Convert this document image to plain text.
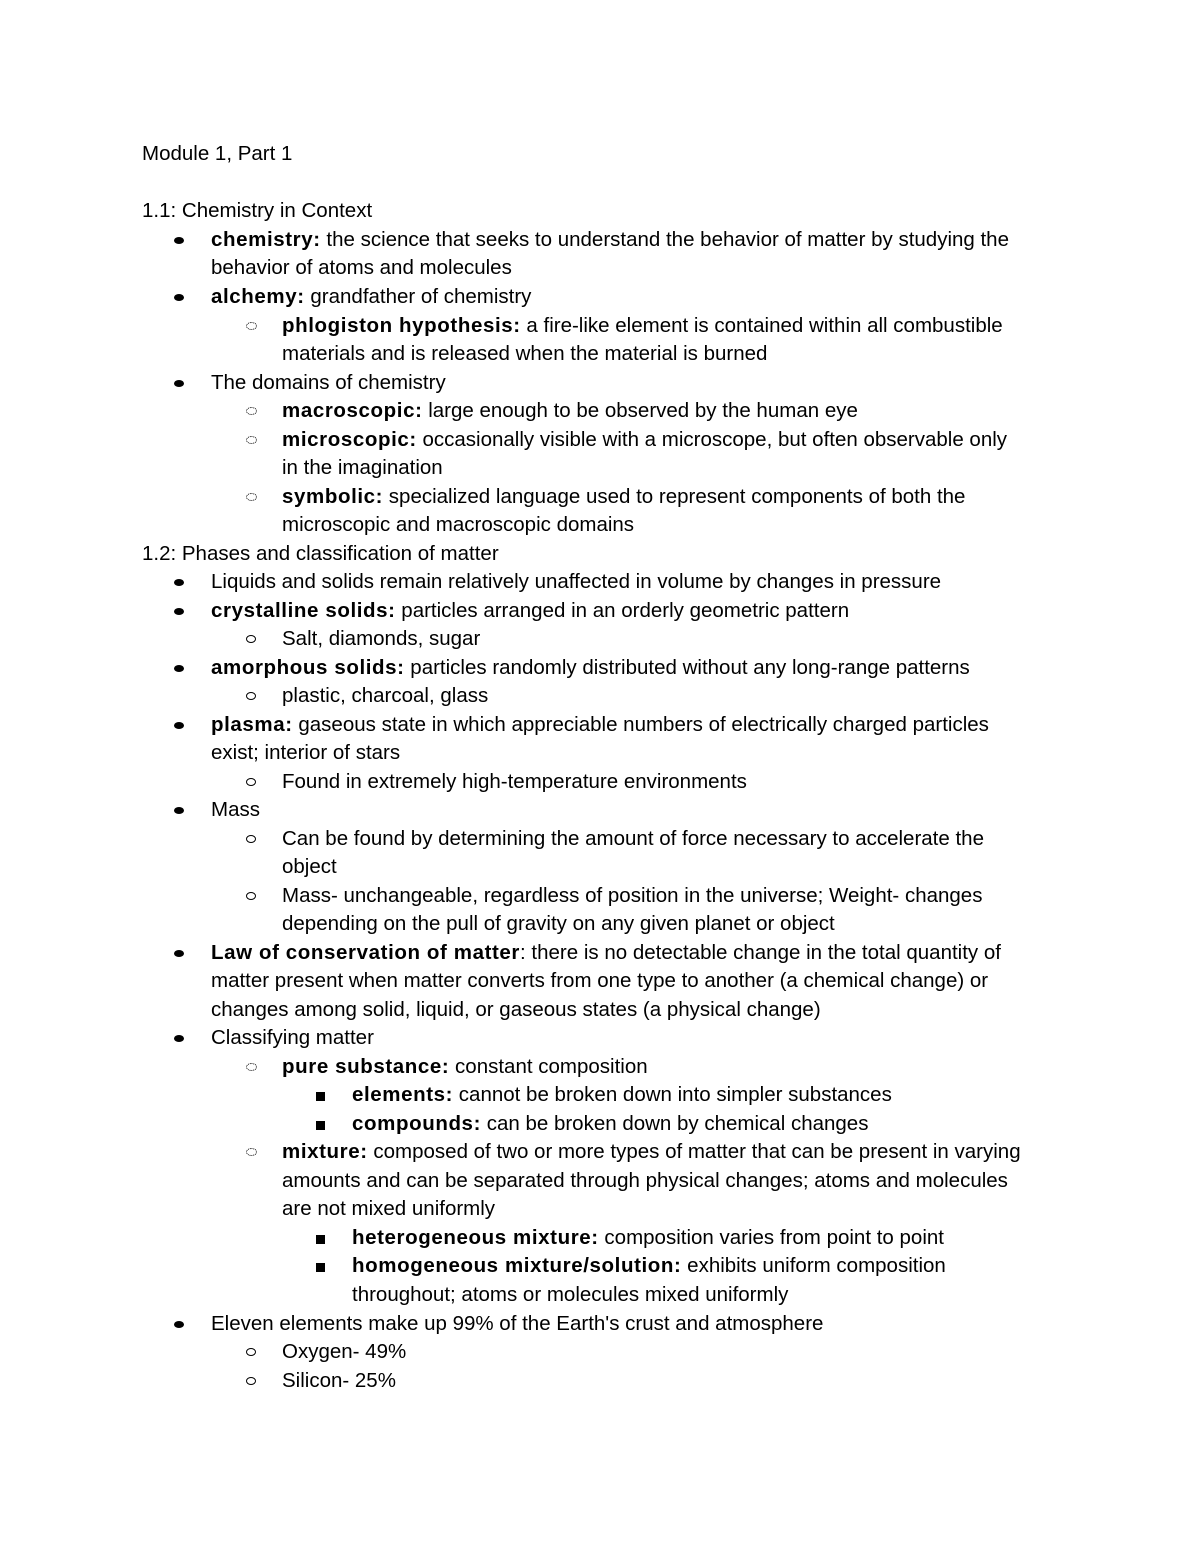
Module 1, Part 1
1.1: Chemistry in Context
chemistry: the science that seeks to understand the behavior of matter by studying the
behavior of atoms and molecules
alchemy: grandfather of chemistry
phlogiston hypothesis: a fire-like element is contained within all combustible
materials and is released when the material is burned
The domains of chemistry
macroscopic: large enough to be observed by the human eye
microscopic: occasionally visible with a microscope, but often observable only
in the imagination
symbolic: specialized language used to represent components of both the
microscopic and macroscopic domains
1.2: Phases and classification of matter
Liquids and solids remain relatively unaffected in volume by changes in pressure
crystalline solids: particles arranged in an orderly geometric pattern
Salt, diamonds, sugar
amorphous solids: particles randomly distributed without any long-range patterns
plastic, charcoal, glass
plasma: gaseous state in which appreciable numbers of electrically charged particles
exist; interior of stars
Found in extremely high-temperature environments
Mass
Can be found by determining the amount of force necessary to accelerate the
object
Mass- unchangeable, regardless of position in the universe; Weight- changes
depending on the pull of gravity on any given planet or object
Law of conservation of matter: there is no detectable change in the total quantity of
matter present when matter converts from one type to another (a chemical change) or
changes among solid, liquid, or gaseous states (a physical change)
Classifying matter
pure substance: constant composition
elements: cannot be broken down into simpler substances
compounds: can be broken down by chemical changes
mixture: composed of two or more types of matter that can be present in varying
amounts and can be separated through physical changes; atoms and molecules
are not mixed uniformly
heterogeneous mixture: composition varies from point to point
homogeneous mixture/solution: exhibits uniform composition
throughout; atoms or molecules mixed uniformly
Eleven elements make up 99% of the Earth's crust and atmosphere
Oxygen- 49%
Silicon- 25%
